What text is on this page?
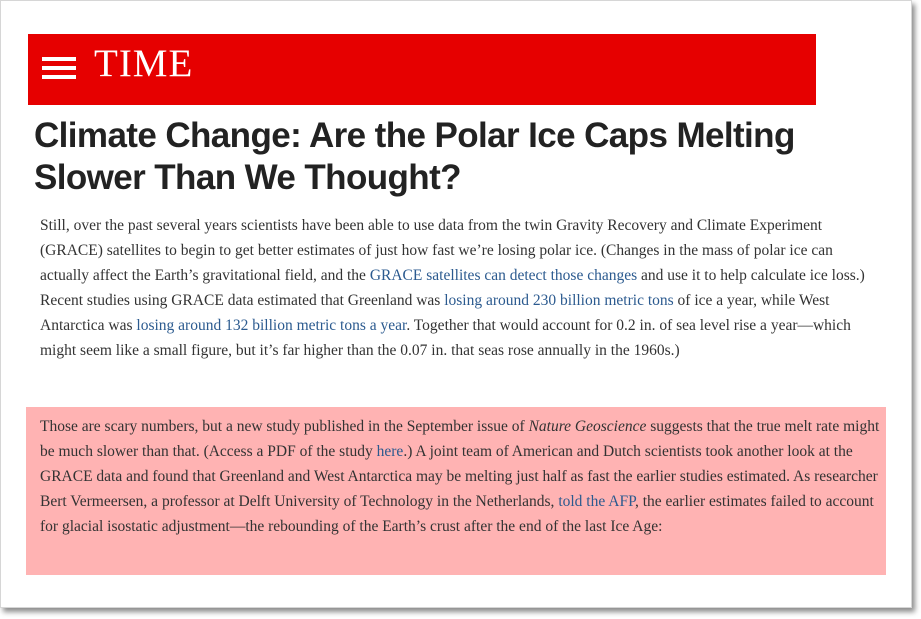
TIME
Climate Change: Are the Polar Ice Caps Melting Slower Than We Thought?

Still, over the past several years scientists have been able to use data from the twin Gravity Recovery and Climate Experiment (GRACE) satellites to begin to get better estimates of just how fast we’re losing polar ice. (Changes in the mass of polar ice can actually affect the Earth’s gravitational field, and the GRACE satellites can detect those changes and use it to help calculate ice loss.) Recent studies using GRACE data estimated that Greenland was losing around 230 billion metric tons of ice a year, while West Antarctica was losing around 132 billion metric tons a year. Together that would account for 0.2 in. of sea level rise a year—which might seem like a small figure, but it’s far higher than the 0.07 in. that seas rose annually in the 1960s.)

Those are scary numbers, but a new study published in the September issue of Nature Geoscience suggests that the true melt rate might be much slower than that. (Access a PDF of the study here.) A joint team of American and Dutch scientists took another look at the GRACE data and found that Greenland and West Antarctica may be melting just half as fast the earlier studies estimated. As researcher Bert Vermeersen, a professor at Delft University of Technology in the Netherlands, told the AFP, the earlier estimates failed to account for glacial isostatic adjustment—the rebounding of the Earth’s crust after the end of the last Ice Age:
